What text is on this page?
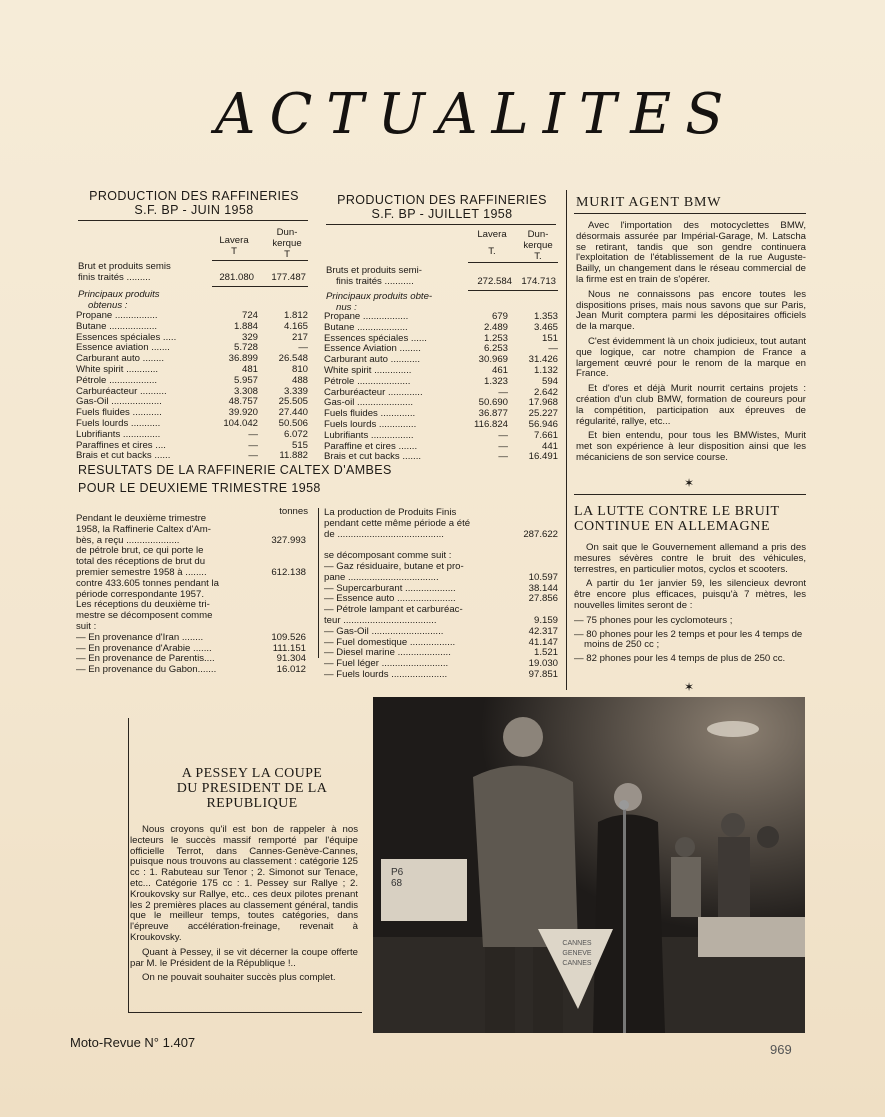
ACTUALITES
PRODUCTION DES RAFFINERIES
S.F. BP - JUIN 1958
Lavera
T
Dun-
kerque
T
Brut et produits semis
finis traités .........	281.080	177.487
Principaux produits
obtenus :
Propane ................	724	1.812
Butane ..................	1.884	4.165
Essences spéciales .....	329	217
Essence aviation .......	5.728	—
Carburant auto ........	36.899	26.548
White spirit ............	481	810
Pétrole ..................	5.957	488
Carburéacteur ..........	3.308	3.339
Gas-Oil ...................	48.757	25.505
Fuels fluides ...........	39.920	27.440
Fuels lourds ...........	104.042	50.506
Lubrifiants ..............	—	6.072
Paraffines et cires ....	—	515
Brais et cut backs ......	—	11.882
PRODUCTION DES RAFFINERIES
S.F. BP - JUILLET 1958
Lavera
T.
Dun-
kerque
T.
Bruts et produits semi-
finis traités ...........	272.584 174.713
Principaux produits obte-
nus :
Propane .................	679	1.353
Butane ...................	2.489	3.465
Essences spéciales ......	1.253	151
Essence Aviation ........	6.253	—
Carburant auto ...........	30.969	31.426
White spirit ..............	461	1.132
Pétrole ....................	1.323	594
Carburéacteur .............	—	2.642
Gas-oil .....................	50.690	17.968
Fuels fluides .............	36.877	25.227
Fuels lourds ..............	116.824	56.946
Lubrifiants ................	—	7.661
Paraffine et cires .......	—	441
Brais et cut backs .......	—	16.491
RESULTATS DE LA RAFFINERIE CALTEX D'AMBES
POUR LE DEUXIEME TRIMESTRE 1958
tonnes
Pendant le deuxième trimestre
1958, la Raffinerie Caltex d'Am-
bès, a reçu ....................	327.993
de pétrole brut, ce qui porte le
total des réceptions de brut du
premier semestre 1958 à ........	612.138
contre 433.605 tonnes pendant la
période correspondante 1957.
Les réceptions du deuxième tri-
mestre se décomposent comme
suit :
— En provenance d'Iran ........	109.526
— En provenance d'Arabie .......	111.151
— En provenance de Parentis....	91.304
— En provenance du Gabon.......	16.012
La production de Produits Finis
pendant cette même période a été
de ........................................	287.622
se décomposant comme suit :
— Gaz résiduaire, butane et pro-
pane ..................................	10.597
— Supercarburant ...................	38.144
— Essence auto ......................	27.856
— Pétrole lampant et carburéac-
teur ...................................	9.159
— Gas-Oil ...........................	42.317
— Fuel domestique .................	41.147
— Diesel marine ....................	1.521
— Fuel léger .........................	19.030
— Fuels lourds .....................	97.851
MURIT AGENT BMW

Avec l'importation des motocyclettes BMW, désormais assurée par Impérial-Garage, M. Latscha se retirant, tandis que son gendre continuera l'exploitation de l'établissement de la rue Auguste-Bailly, un changement dans le réseau commercial de la firme est en train de s'opérer.

Nous ne connaissons pas encore toutes les dispositions prises, mais nous savons que sur Paris, Jean Murit comptera parmi les dépositaires officiels de la marque.

C'est évidemment là un choix judicieux, tout autant que logique, car notre champion de France a largement œuvré pour le renom de la marque en France.

Et d'ores et déjà Murit nourrit certains projets : création d'un club BMW, formation de coureurs pour la compétition, participation aux épreuves de régularité, rallye, etc...

Et bien entendu, pour tous les BMWistes, Murit met son expérience à leur disposition ainsi que les mécaniciens de son service course.

✶
LA LUTTE CONTRE LE BRUIT
CONTINUE EN ALLEMAGNE

On sait que le Gouvernement allemand a pris des mesures sévères contre le bruit des véhicules, terrestres, en particulier motos, cyclos et scooters.

A partir du 1er janvier 59, les silencieux devront être encore plus efficaces, puisqu'à 7 mètres, les nouvelles limites seront de :

— 75 phones pour les cyclomoteurs ;
— 80 phones pour les 2 temps et pour les 4 temps de moins de 250 cc ;
— 82 phones pour les 4 temps de plus de 250 cc.
✶
A PESSEY LA COUPE
DU PRESIDENT DE LA
REPUBLIQUE

Nous croyons qu'il est bon de rappeler à nos lecteurs le succès massif remporté par l'équipe officielle Terrot, dans Cannes-Genève-Cannes, puisque nous trouvons au classement : catégorie 125 cc : 1. Rabuteau sur Tenor ; 2. Simonot sur Tenace, etc... Catégorie 175 cc : 1. Pessey sur Rallye ; 2. Kroukovsky sur Rallye, etc.. ces deux pilotes prenant les 2 premières places au classement général, tandis que le meilleur temps, toutes catégories, dans l'épreuve accélération-freinage, revenait à Kroukovsky.

Quant à Pessey, il se vit décerner la coupe offerte par M. le Président de la République !..

On ne pouvait souhaiter succès plus complet.

P6
68
CANNES
GENEVE
CANNES
Moto-Revue N° 1.407	969
